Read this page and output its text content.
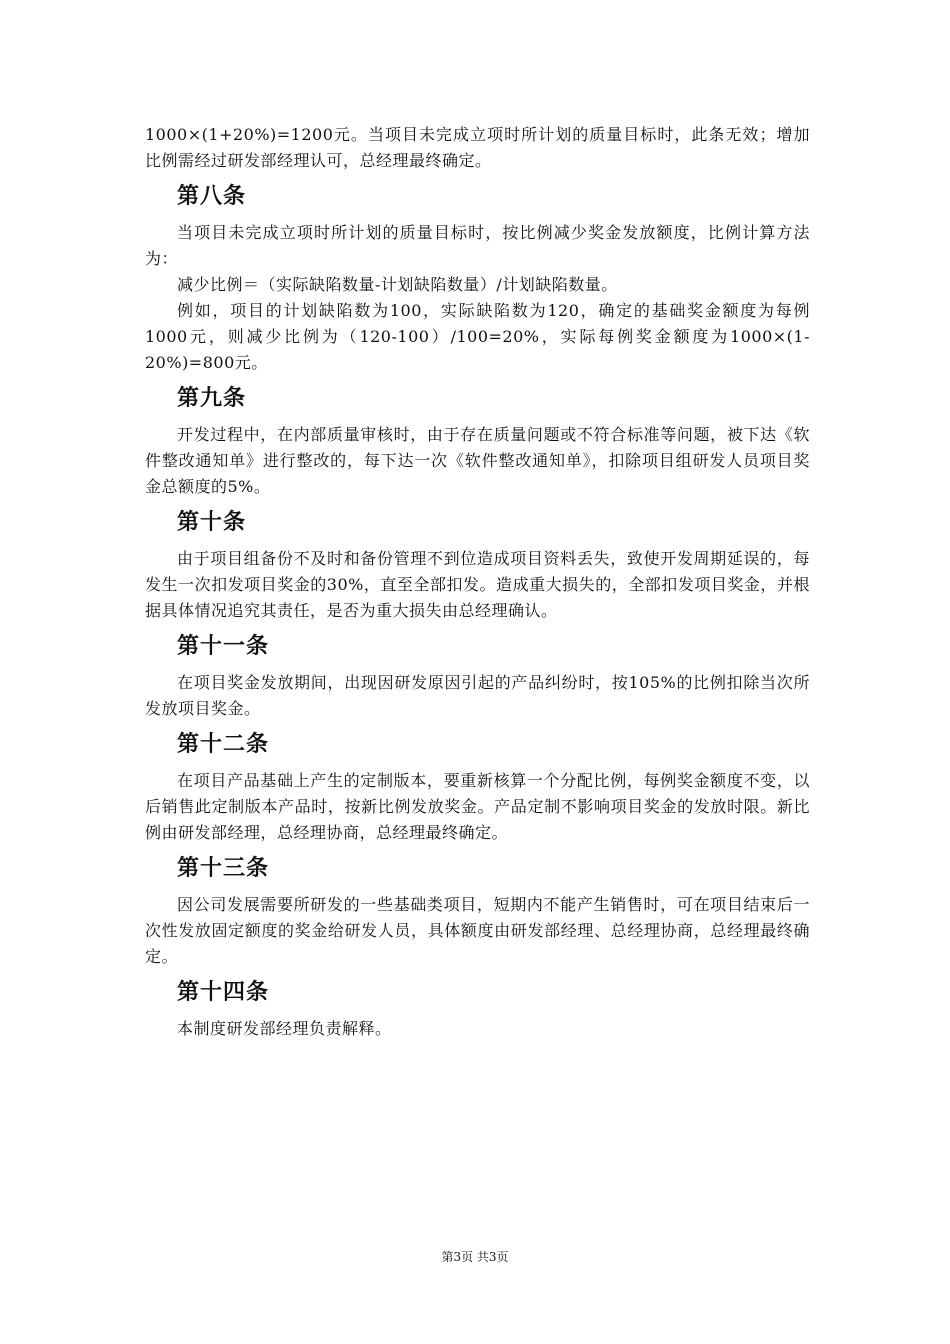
1000×(1+20%)=1200元。当项目未完成立项时所计划的质量目标时，此条无效；增加比例需经过研发部经理认可，总经理最终确定。

第八条

当项目未完成立项时所计划的质量目标时，按比例减少奖金发放额度，比例计算方法为：

减少比例＝（实际缺陷数量-计划缺陷数量）/计划缺陷数量。

例如，项目的计划缺陷数为100，实际缺陷数为120，确定的基础奖金额度为每例1000元，则减少比例为（120-100）/100=20%，实际每例奖金额度为1000×(1-20%)=800元。

第九条

开发过程中，在内部质量审核时，由于存在质量问题或不符合标准等问题，被下达《软件整改通知单》进行整改的，每下达一次《软件整改通知单》，扣除项目组研发人员项目奖金总额度的5%。

第十条

由于项目组备份不及时和备份管理不到位造成项目资料丢失，致使开发周期延误的，每发生一次扣发项目奖金的30%，直至全部扣发。造成重大损失的，全部扣发项目奖金，并根据具体情况追究其责任，是否为重大损失由总经理确认。

第十一条

在项目奖金发放期间，出现因研发原因引起的产品纠纷时，按105%的比例扣除当次所发放项目奖金。

第十二条

在项目产品基础上产生的定制版本，要重新核算一个分配比例，每例奖金额度不变，以后销售此定制版本产品时，按新比例发放奖金。产品定制不影响项目奖金的发放时限。新比例由研发部经理，总经理协商，总经理最终确定。

第十三条

因公司发展需要所研发的一些基础类项目，短期内不能产生销售时，可在项目结束后一次性发放固定额度的奖金给研发人员，具体额度由研发部经理、总经理协商，总经理最终确定。

第十四条

本制度研发部经理负责解释。

第3页 共3页
